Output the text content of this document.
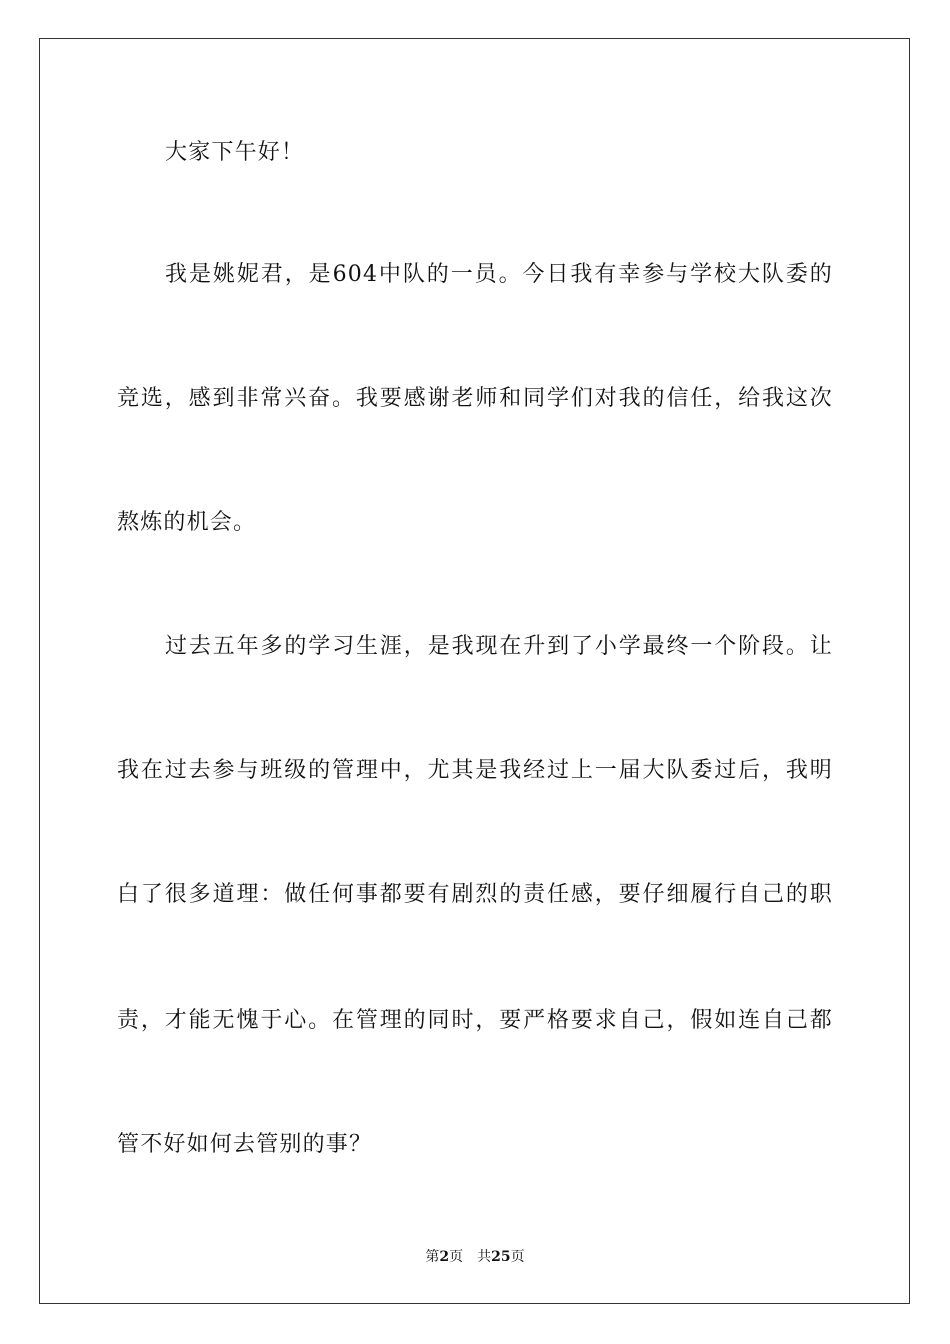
大家下午好！
我是姚妮君，是604中队的一员。今日我有幸参与学校大队委的
竞选，感到非常兴奋。我要感谢老师和同学们对我的信任，给我这次
熬炼的机会。
过去五年多的学习生涯，是我现在升到了小学最终一个阶段。让
我在过去参与班级的管理中，尤其是我经过上一届大队委过后，我明
白了很多道理：做任何事都要有剧烈的责任感，要仔细履行自己的职
责，才能无愧于心。在管理的同时，要严格要求自己，假如连自己都
管不好如何去管别的事？
第2页 共25页
